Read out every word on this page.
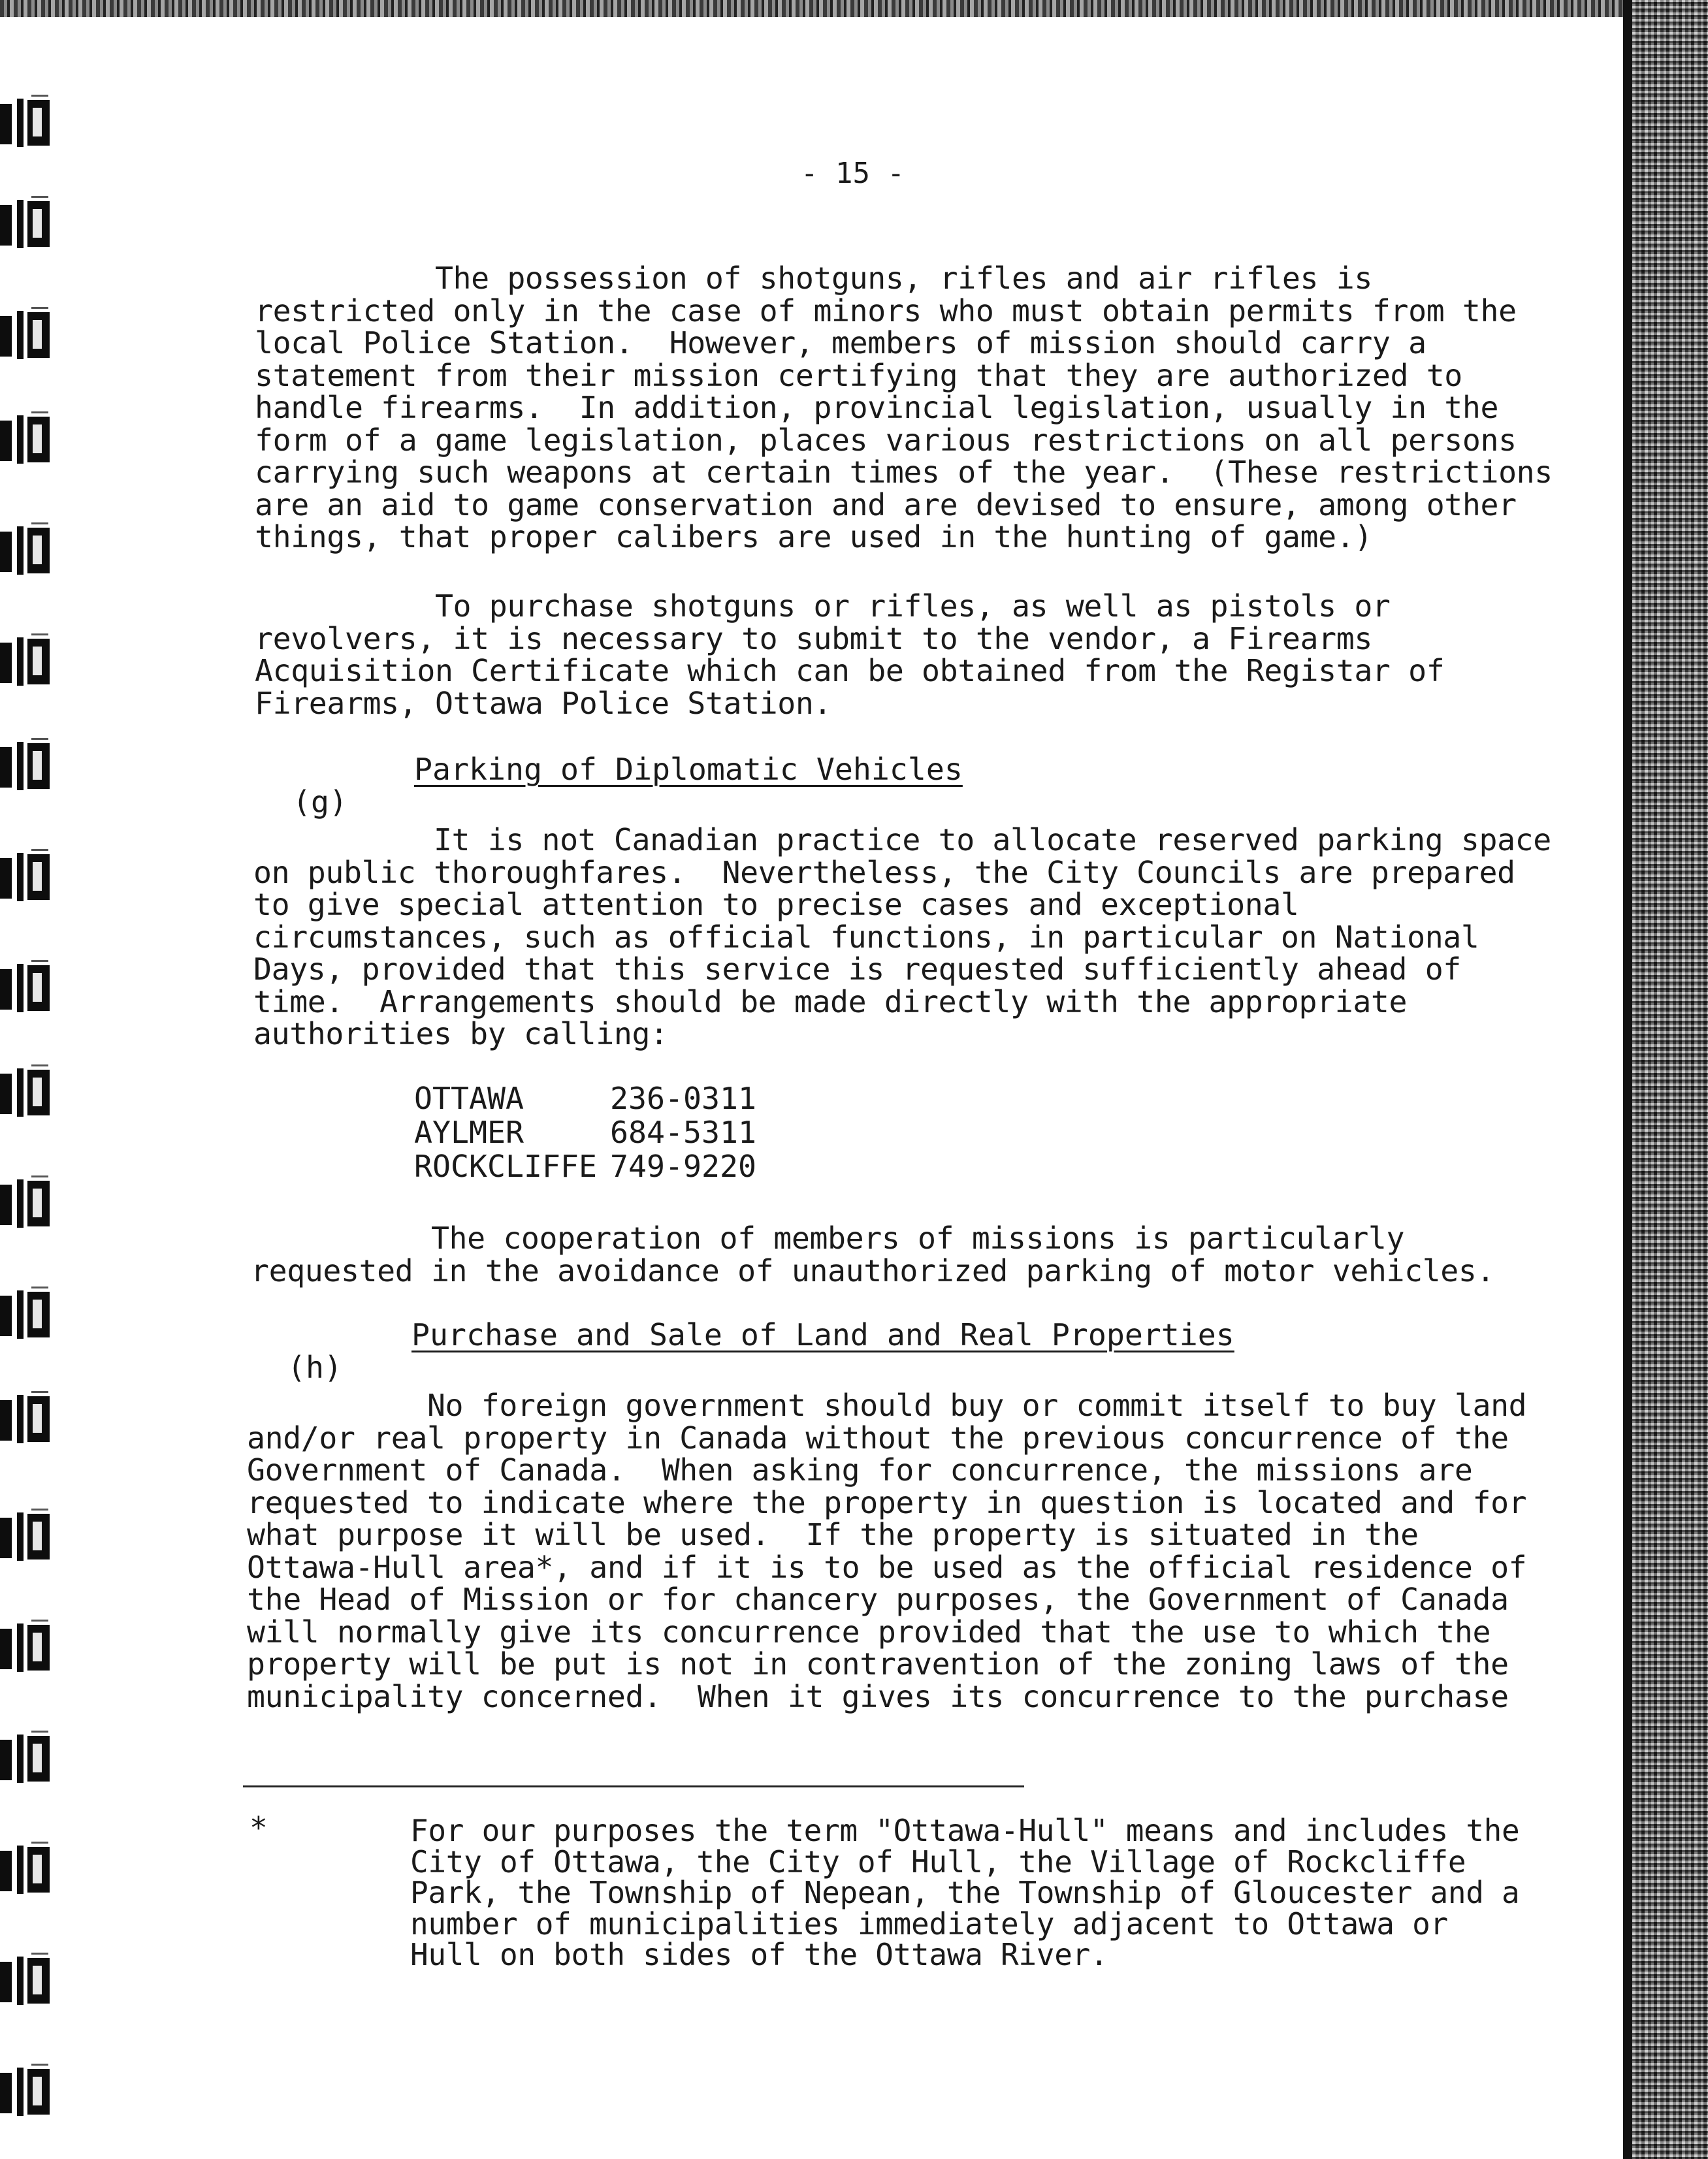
- 15 -
The possession of shotguns, rifles and air rifles is
restricted only in the case of minors who must obtain permits from the
local Police Station.  However, members of mission should carry a
statement from their mission certifying that they are authorized to
handle firearms.  In addition, provincial legislation, usually in the
form of a game legislation, places various restrictions on all persons
carrying such weapons at certain times of the year.  (These restrictions
are an aid to game conservation and are devised to ensure, among other
things, that proper calibers are used in the hunting of game.)
To purchase shotguns or rifles, as well as pistols or
revolvers, it is necessary to submit to the vendor, a Firearms
Acquisition Certificate which can be obtained from the Registar of
Firearms, Ottawa Police Station.

(g)

Parking of Diplomatic Vehicles

It is not Canadian practice to allocate reserved parking space
on public thoroughfares.  Nevertheless, the City Councils are prepared
to give special attention to precise cases and exceptional
circumstances, such as official functions, in particular on National
Days, provided that this service is requested sufficiently ahead of
time.  Arrangements should be made directly with the appropriate
authorities by calling:
OTTAWA	236-0311
AYLMER	684-5311
ROCKCLIFFE 749-9220
The cooperation of members of missions is particularly
requested in the avoidance of unauthorized parking of motor vehicles.

(h)

Purchase and Sale of Land and Real Properties

No foreign government should buy or commit itself to buy land
and/or real property in Canada without the previous concurrence of the
Government of Canada.  When asking for concurrence, the missions are
requested to indicate where the property in question is located and for
what purpose it will be used.  If the property is situated in the
Ottawa-Hull area*, and if it is to be used as the official residence of
the Head of Mission or for chancery purposes, the Government of Canada
will normally give its concurrence provided that the use to which the
property will be put is not in contravention of the zoning laws of the
municipality concerned.  When it gives its concurrence to the purchase
*	For our purposes the term "Ottawa-Hull" means and includes the
City of Ottawa, the City of Hull, the Village of Rockcliffe
Park, the Township of Nepean, the Township of Gloucester and a
number of municipalities immediately adjacent to Ottawa or
Hull on both sides of the Ottawa River.
